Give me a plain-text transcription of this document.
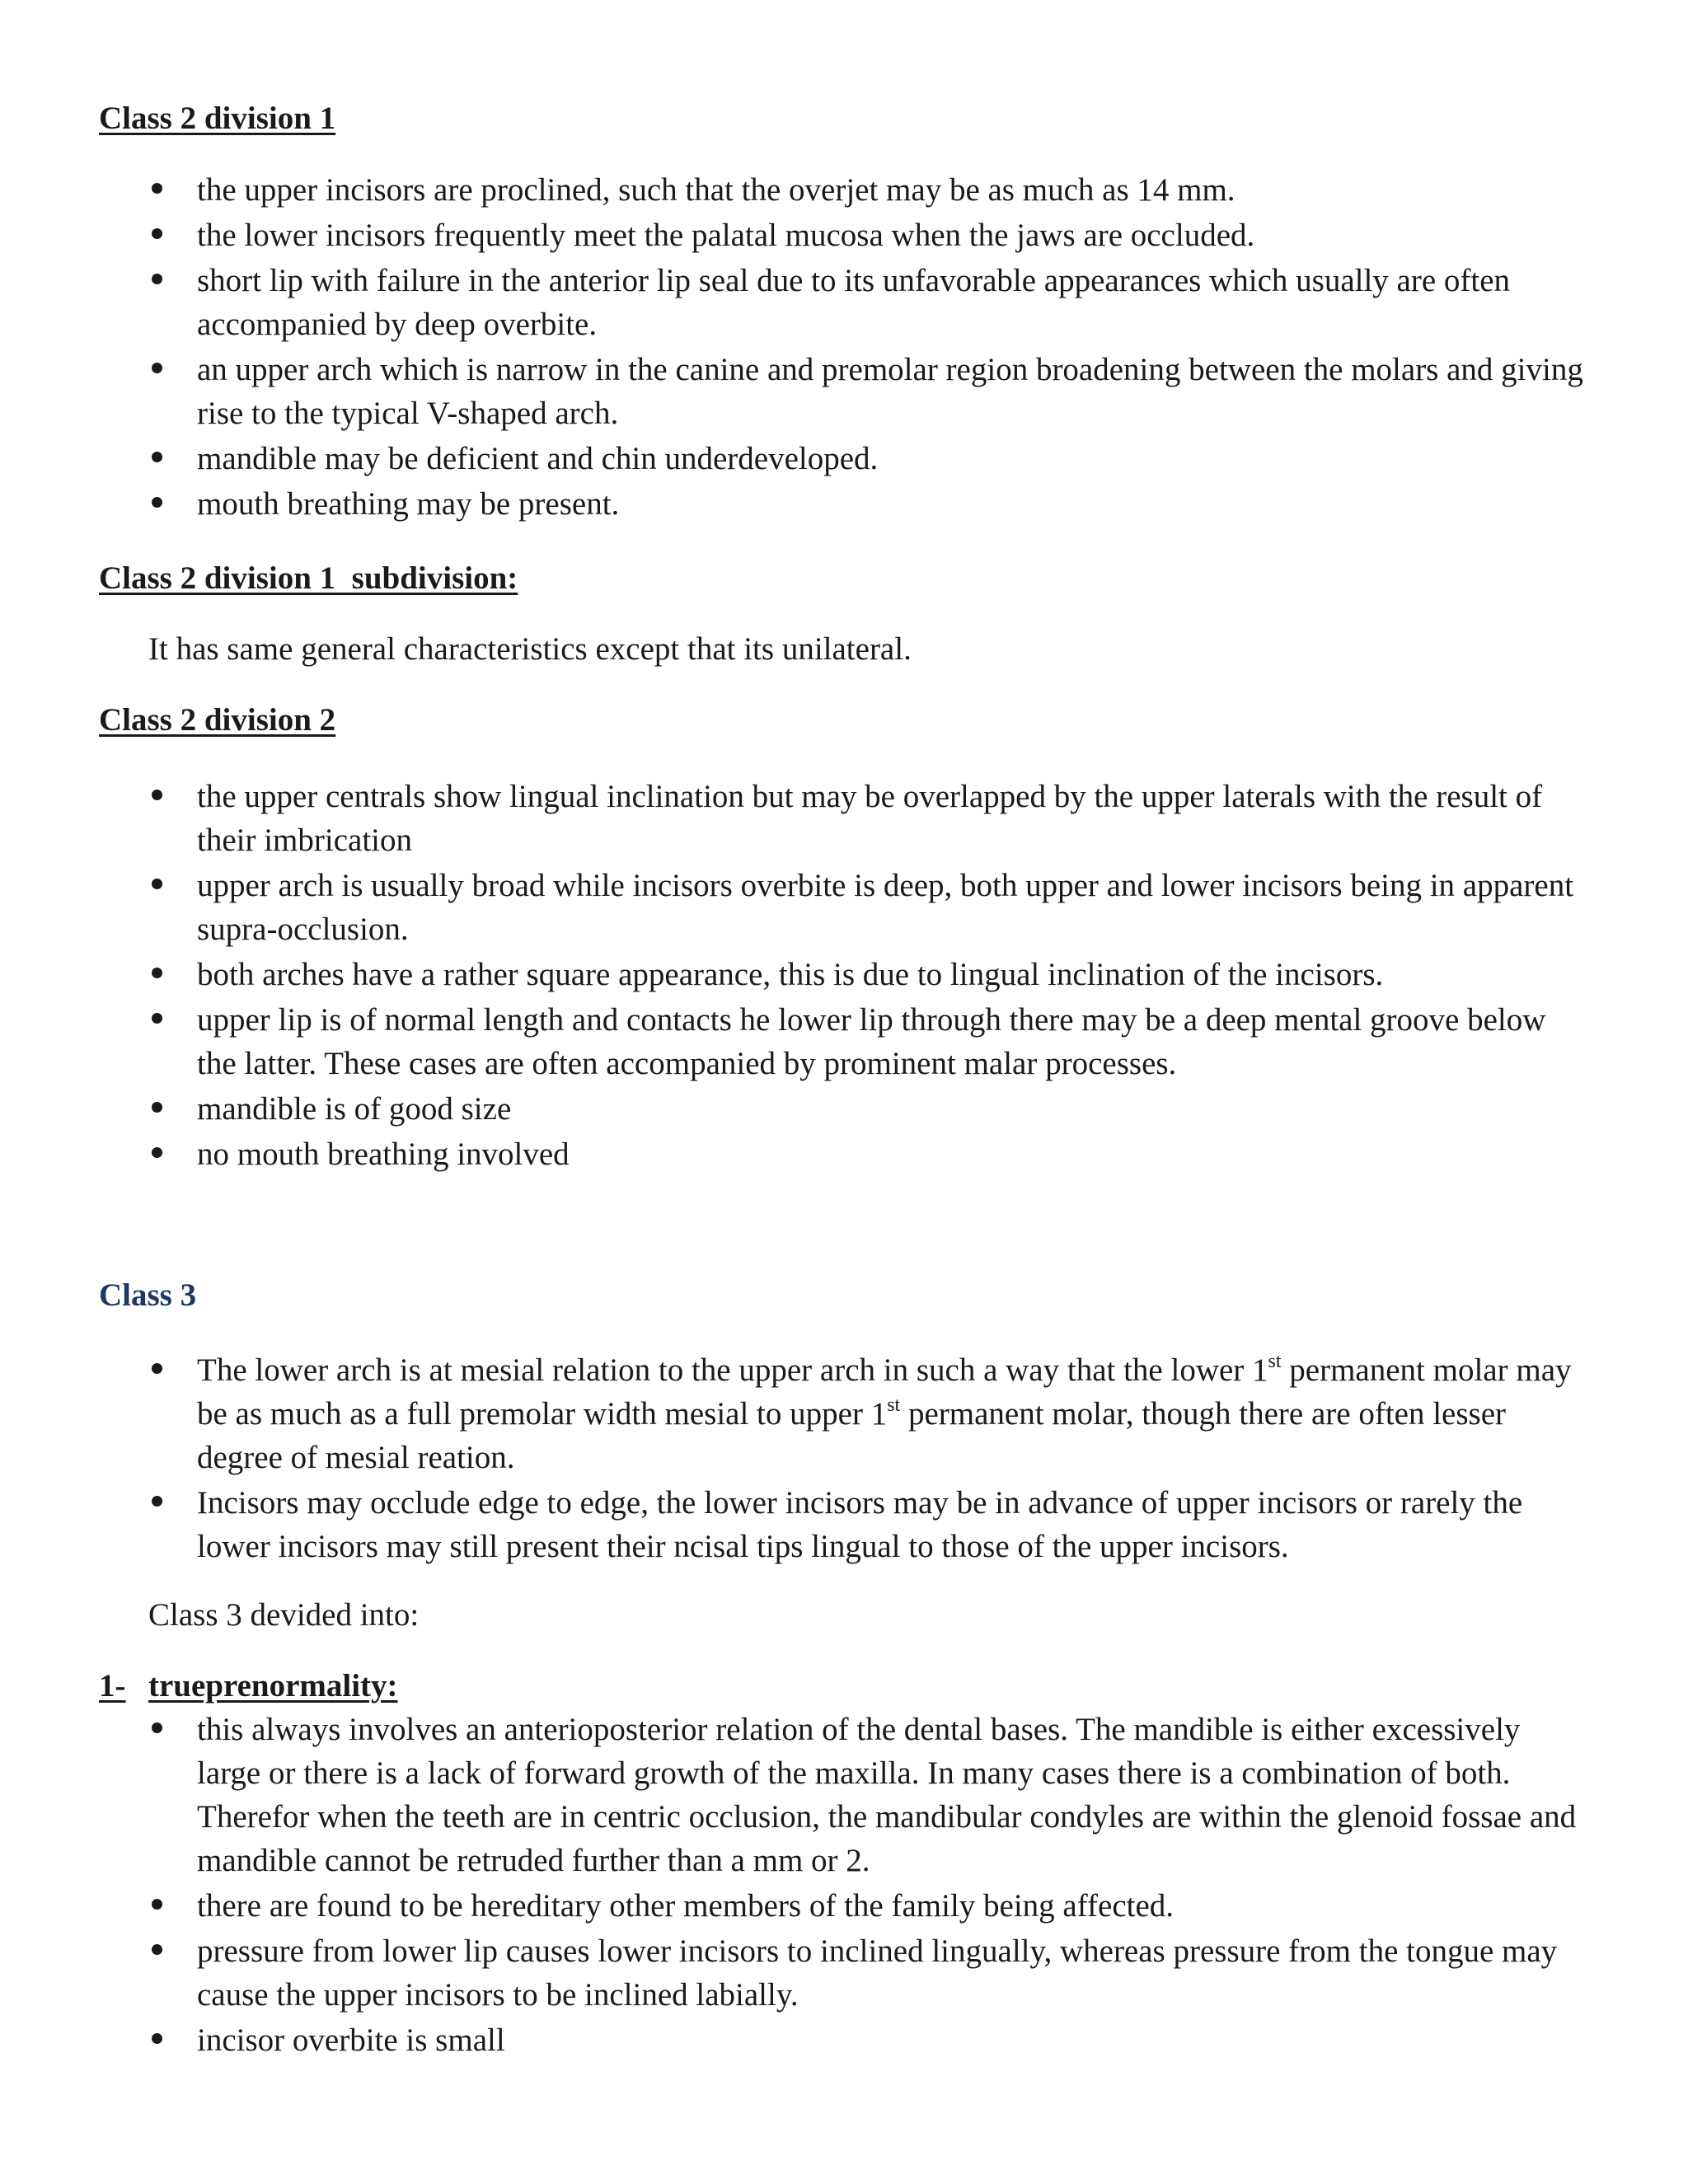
Class 2 division 1
the upper incisors are proclined, such that the overjet may be as much as 14 mm.
the lower incisors frequently meet the palatal mucosa when the jaws are occluded.
short lip with failure in the anterior lip seal due to its unfavorable appearances which usually are often accompanied by deep overbite.
an upper arch which is narrow in the canine and premolar region broadening between the molars and giving rise to the typical V-shaped arch.
mandible may be deficient and chin underdeveloped.
mouth breathing may be present.
Class 2 division 1  subdivision:
It has same general characteristics except that its unilateral.
Class 2 division 2
the upper centrals show lingual inclination but may be overlapped by the upper laterals with the result of their imbrication
upper arch is usually broad while incisors overbite is deep, both upper and lower incisors being in apparent supra-occlusion.
both arches have a rather square appearance, this is due to lingual inclination of the incisors.
upper lip is of normal length and contacts he lower lip through there may be a deep mental groove below the latter. These cases are often accompanied by prominent malar processes.
mandible is of good size
no mouth breathing involved
Class 3
The lower arch is at mesial relation to the upper arch in such a way that the lower 1st permanent molar may be as much as a full premolar width mesial to upper 1st permanent molar, though there are often lesser degree of mesial reation.
Incisors may occlude edge to edge, the lower incisors may be in advance of upper incisors or rarely the lower incisors may still present their ncisal tips lingual to those of the upper incisors.
Class 3 devided into:
1- trueprenormality:
this always involves an anterioposterior relation of the dental bases. The mandible is either excessively large or there is a lack of forward growth of the maxilla. In many cases there is a combination of both. Therefor when the teeth are in centric occlusion, the mandibular condyles are within the glenoid fossae and mandible cannot be retruded further than a mm or 2.
there are found to be hereditary other members of the family being affected.
pressure from lower lip causes lower incisors to inclined lingually, whereas pressure from the tongue may cause the upper incisors to be inclined labially.
incisor overbite is small
